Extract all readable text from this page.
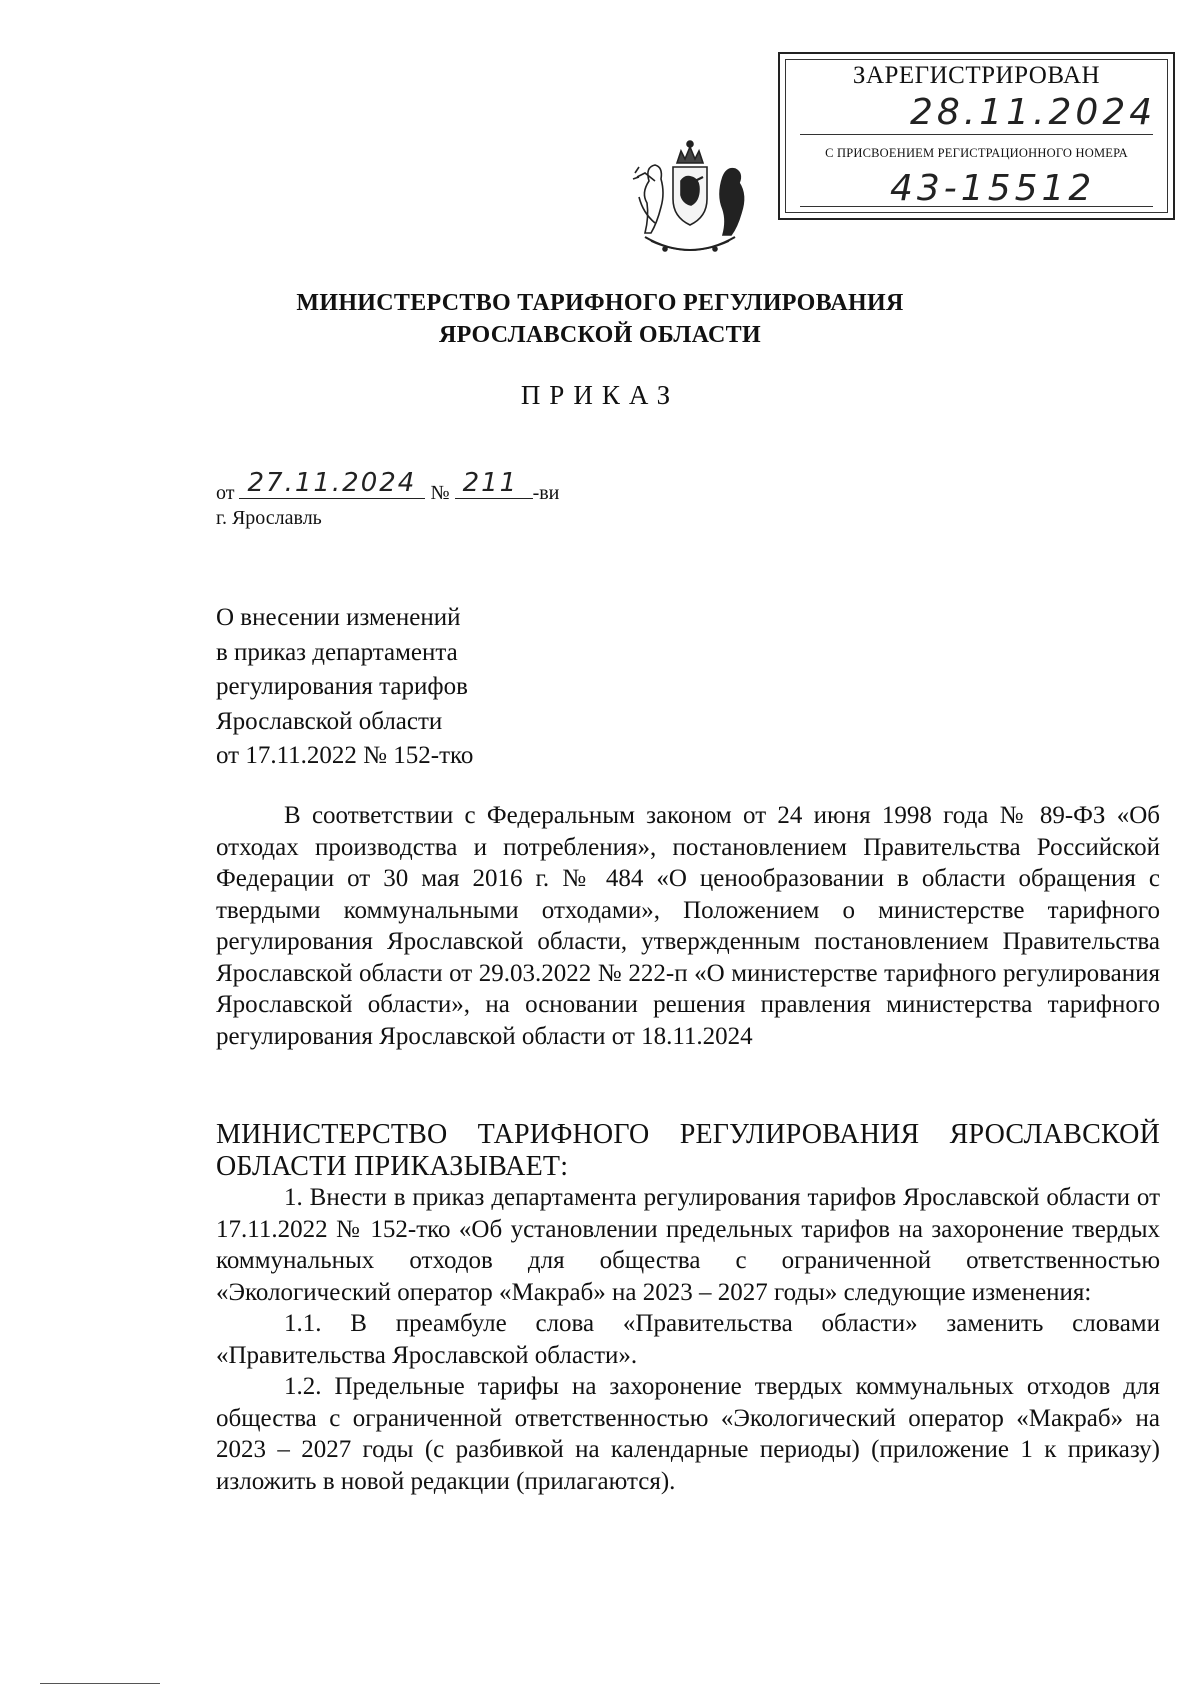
ЗАРЕГИСТРИРОВАН
28.11.2024
С ПРИСВОЕНИЕМ РЕГИСТРАЦИОННОГО НОМЕРА
43-15512
МИНИСТЕРСТВО ТАРИФНОГО РЕГУЛИРОВАНИЯ
ЯРОСЛАВСКОЙ ОБЛАСТИ
ПРИКАЗ
от 27.11.2024 № 211 -ви
г. Ярославль
О внесении изменений
в приказ департамента
регулирования тарифов
Ярославской области
от 17.11.2022 № 152-тко
В соответствии с Федеральным законом от 24 июня 1998 года № 89-ФЗ «Об отходах производства и потребления», постановлением Правительства Российской Федерации от 30 мая 2016 г. № 484 «О ценообразовании в области обращения с твердыми коммунальными отходами», Положением о министерстве тарифного регулирования Ярославской области, утвержденным постановлением Правительства Ярославской области от 29.03.2022 № 222-п «О министерстве тарифного регулирования Ярославской области», на основании решения правления министерства тарифного регулирования Ярославской области от 18.11.2024
МИНИСТЕРСТВО ТАРИФНОГО РЕГУЛИРОВАНИЯ ЯРОСЛАВСКОЙ ОБЛАСТИ ПРИКАЗЫВАЕТ:
1. Внести в приказ департамента регулирования тарифов Ярославской области от 17.11.2022 № 152-тко «Об установлении предельных тарифов на захоронение твердых коммунальных отходов для общества с ограниченной ответственностью «Экологический оператор «Макраб» на 2023 – 2027 годы» следующие изменения:
1.1. В преамбуле слова «Правительства области» заменить словами «Правительства Ярославской области».
1.2. Предельные тарифы на захоронение твердых коммунальных отходов для общества с ограниченной ответственностью «Экологический оператор «Макраб» на 2023 – 2027 годы (с разбивкой на календарные периоды) (приложение 1 к приказу) изложить в новой редакции (прилагаются).
